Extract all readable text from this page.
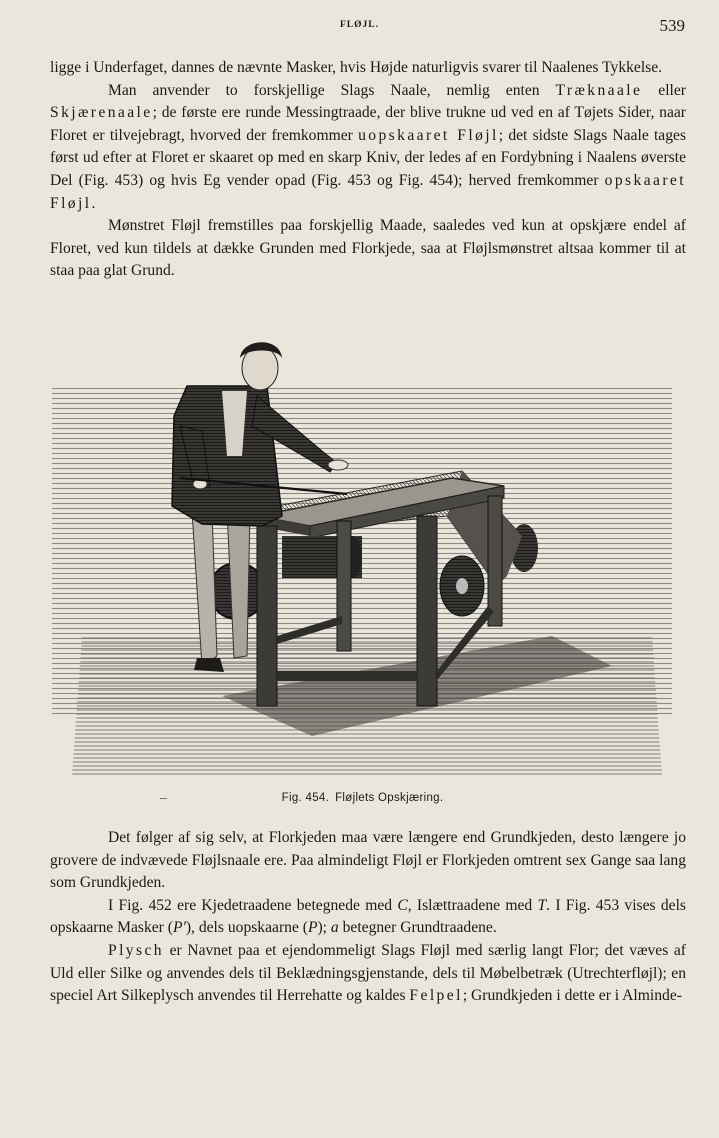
FLØJL.	539

ligge i Underfaget, dannes de nævnte Masker, hvis Højde naturligvis svarer til Naalenes Tykkelse.

Man anvender to forskjellige Slags Naale, nemlig enten Træknaale eller Skjærenaale; de første ere runde Messingtraade, der blive trukne ud ved en af Tøjets Sider, naar Floret er tilvejebragt, hvorved der fremkommer uopskaaret Fløjl; det sidste Slags Naale tages først ud efter at Floret er skaaret op med en skarp Kniv, der ledes af en Fordybning i Naalens øverste Del (Fig. 453) og hvis Eg vender opad (Fig. 453 og Fig. 454); herved fremkommer opskaaret Fløjl.

Mønstret Fløjl fremstilles paa forskjellig Maade, saaledes ved kun at opskjære endel af Floret, ved kun tildels at dække Grunden med Florkjede, saa at Fløjlsmønstret altsaa kommer til at staa paa glat Grund.

Fig. 454. Fløjlets Opskjæring.

Det følger af sig selv, at Florkjeden maa være længere end Grundkjeden, desto længere jo grovere de indvævede Fløjlsnaale ere. Paa almindeligt Fløjl er Florkjeden omtrent sex Gange saa lang som Grundkjeden.

I Fig. 452 ere Kjedetraadene betegnede med C, Islættraadene med T. I Fig. 453 vises dels opskaarne Masker (P'), dels uopskaarne (P); a betegner Grundtraadene.

Plysch er Navnet paa et ejendommeligt Slags Fløjl med særlig langt Flor; det væves af Uld eller Silke og anvendes dels til Beklædningsgjenstande, dels til Møbelbetræk (Utrechterfløjl); en speciel Art Silkeplysch anvendes til Herrehatte og kaldes Felpel; Grundkjeden i dette er i Alminde-
